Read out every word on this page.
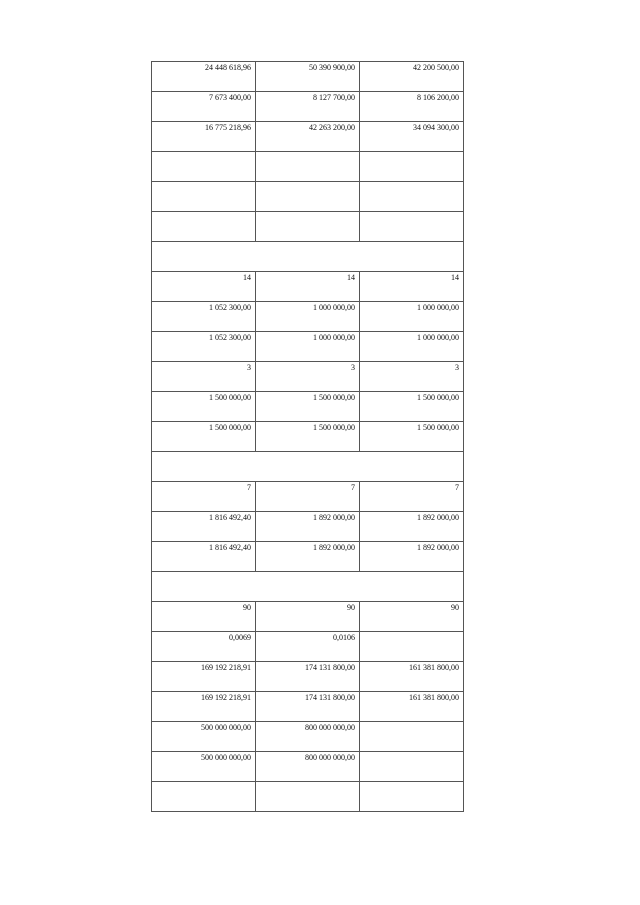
24 448 618,96	50 390 900,00	42 200 500,00
7 673 400,00	8 127 700,00	8 106 200,00
16 775 218,96	42 263 200,00	34 094 300,00

14	14	14
1 052 300,00	1 000 000,00	1 000 000,00
1 052 300,00	1 000 000,00	1 000 000,00
3	3	3
1 500 000,00	1 500 000,00	1 500 000,00
1 500 000,00	1 500 000,00	1 500 000,00

7	7	7
1 816 492,40	1 892 000,00	1 892 000,00
1 816 492,40	1 892 000,00	1 892 000,00

90	90	90
0,0069	0,0106	
169 192 218,91	174 131 800,00	161 381 800,00
169 192 218,91	174 131 800,00	161 381 800,00
500 000 000,00	800 000 000,00	
500 000 000,00	800 000 000,00	
